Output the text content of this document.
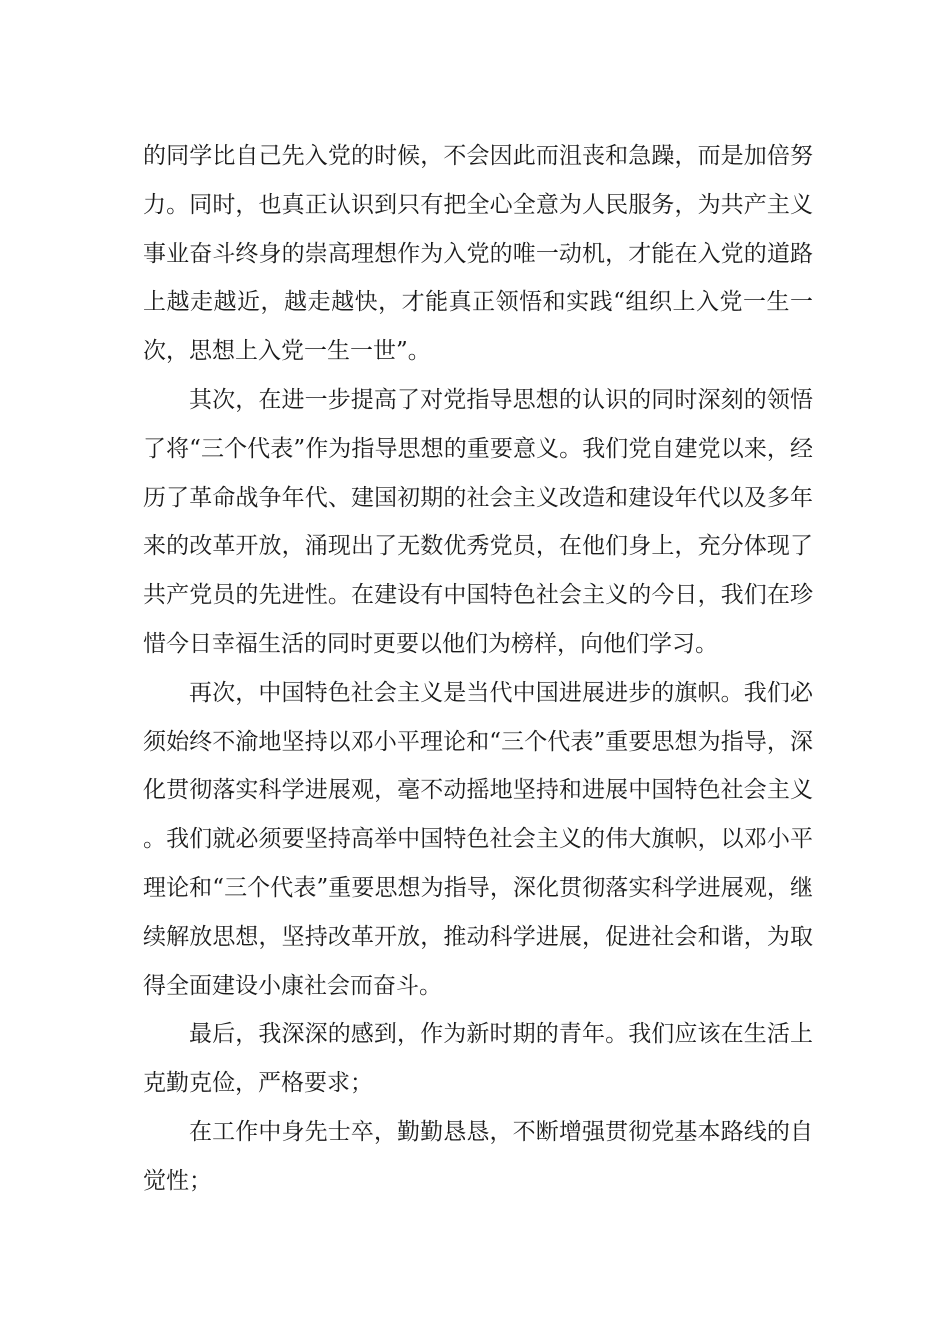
的同学比自己先入党的时候，不会因此而沮丧和急躁，而是加倍努力。同时，也真正认识到只有把全心全意为人民服务，为共产主义事业奋斗终身的崇高理想作为入党的唯一动机，才能在入党的道路上越走越近，越走越快，才能真正领悟和实践“组织上入党一生一次，思想上入党一生一世”。

其次，在进一步提高了对党指导思想的认识的同时深刻的领悟了将“三个代表”作为指导思想的重要意义。我们党自建党以来，经历了革命战争年代、建国初期的社会主义改造和建设年代以及多年来的改革开放，涌现出了无数优秀党员，在他们身上，充分体现了共产党员的先进性。在建设有中国特色社会主义的今日，我们在珍惜今日幸福生活的同时更要以他们为榜样，向他们学习。

再次，中国特色社会主义是当代中国进展进步的旗帜。我们必须始终不渝地坚持以邓小平理论和“三个代表”重要思想为指导，深化贯彻落实科学进展观，毫不动摇地坚持和进展中国特色社会主义。我们就必须要坚持高举中国特色社会主义的伟大旗帜，以邓小平理论和“三个代表”重要思想为指导，深化贯彻落实科学进展观，继续解放思想，坚持改革开放，推动科学进展，促进社会和谐，为取得全面建设小康社会而奋斗。

最后，我深深的感到，作为新时期的青年。我们应该在生活上克勤克俭，严格要求；

在工作中身先士卒，勤勤恳恳，不断增强贯彻党基本路线的自觉性；
